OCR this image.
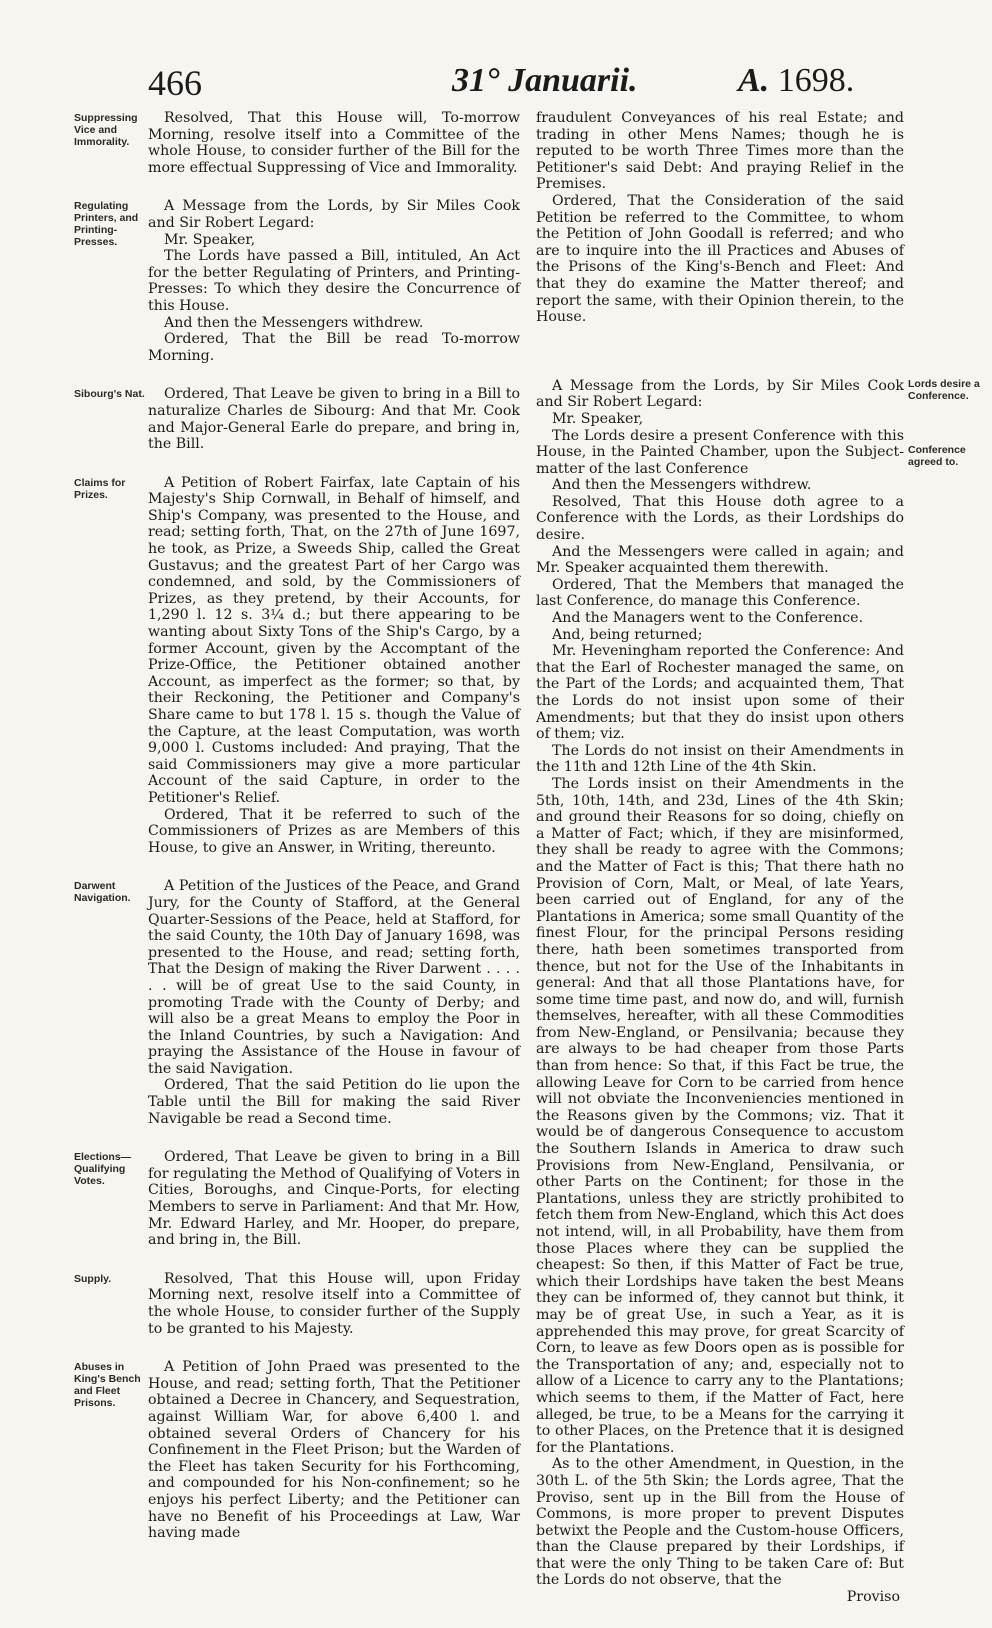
466	31° Januarii.	A. 1698.
Suppressing Vice and Immorality.

Resolved, That this House will, To-morrow Morning, resolve itself into a Committee of the whole House, to consider further of the Bill for the more effectual Suppressing of Vice and Immorality.

Regulating Printers, and Printing-Presses.

A Message from the Lords, by Sir Miles Cook and Sir Robert Legard:

Mr. Speaker,

The Lords have passed a Bill, intituled, An Act for the better Regulating of Printers, and Printing-Presses: To which they desire the Concurrence of this House.

And then the Messengers withdrew.

Ordered, That the Bill be read To-morrow Morning.

Sibourg's Nat.	Ordered, That Leave be given to bring in a Bill to naturalize Charles de Sibourg: And that Mr. Cook and Major-General Earle do prepare, and bring in, the Bill.

Claims for Prizes.

A Petition of Robert Fairfax, late Captain of his Majesty's Ship Cornwall, in Behalf of himself, and Ship's Company, was presented to the House, and read; setting forth, That, on the 27th of June 1697, he took, as Prize, a Sweeds Ship, called the Great Gustavus; and the greatest Part of her Cargo was condemned, and sold, by the Commissioners of Prizes, as they pretend, by their Accounts, for 1,290 l. 12 s. 3¼ d.; but there appearing to be wanting about Sixty Tons of the Ship's Cargo, by a former Account, given by the Accomptant of the Prize-Office, the Petitioner obtained another Account, as imperfect as the former; so that, by their Reckoning, the Petitioner and Company's Share came to but 178 l. 15 s. though the Value of the Capture, at the least Computation, was worth 9,000 l. Customs included: And praying, That the said Commissioners may give a more particular Account of the said Capture, in order to the Petitioner's Relief.

Ordered, That it be referred to such of the Commissioners of Prizes as are Members of this House, to give an Answer, in Writing, thereunto.

Darwent Navigation.

A Petition of the Justices of the Peace, and Grand Jury, for the County of Stafford, at the General Quarter-Sessions of the Peace, held at Stafford, for the said County, the 10th Day of January 1698, was presented to the House, and read; setting forth, That the Design of making the River Darwent . . . . . . will be of great Use to the said County, in promoting Trade with the County of Derby; and will also be a great Means to employ the Poor in the Inland Countries, by such a Navigation: And praying the Assistance of the House in favour of the said Navigation.

Ordered, That the said Petition do lie upon the Table until the Bill for making the said River Navigable be read a Second time.

Elections—Qualifying Votes.

Ordered, That Leave be given to bring in a Bill for regulating the Method of Qualifying of Voters in Cities, Boroughs, and Cinque-Ports, for electing Members to serve in Parliament: And that Mr. How, Mr. Edward Harley, and Mr. Hooper, do prepare, and bring in, the Bill.

Supply.	Resolved, That this House will, upon Friday Morning next, resolve itself into a Committee of the whole House, to consider further of the Supply to be granted to his Majesty.

Abuses in King's Bench and Fleet Prisons.

A Petition of John Praed was presented to the House, and read; setting forth, That the Petitioner obtained a Decree in Chancery, and Sequestration, against William War, for above 6,400 l. and obtained several Orders of Chancery for his Confinement in the Fleet Prison; but the Warden of the Fleet has taken Security for his Forthcoming, and compounded for his Non-confinement; so he enjoys his perfect Liberty; and the Petitioner can have no Benefit of his Proceedings at Law, War having made

fraudulent Conveyances of his real Estate; and trading in other Mens Names; though he is reputed to be worth Three Times more than the Petitioner's said Debt: And praying Relief in the Premises.

Ordered, That the Consideration of the said Petition be referred to the Committee, to whom the Petition of John Goodall is referred; and who are to inquire into the ill Practices and Abuses of the Prisons of the King's-Bench and Fleet: And that they do examine the Matter thereof; and report the same, with their Opinion therein, to the House.

Lords desire a Conference.
Conference agreed to.

A Message from the Lords, by Sir Miles Cook and Sir Robert Legard:

Mr. Speaker,

The Lords desire a present Conference with this House, in the Painted Chamber, upon the Subject-matter of the last Conference

And then the Messengers withdrew.

Resolved, That this House doth agree to a Conference with the Lords, as their Lordships do desire.

And the Messengers were called in again; and Mr. Speaker acquainted them therewith.

Ordered, That the Members that managed the last Conference, do manage this Conference.

And the Managers went to the Conference.

And, being returned;

Mr. Heveningham reported the Conference: And that the Earl of Rochester managed the same, on the Part of the Lords; and acquainted them, That the Lords do not insist upon some of their Amendments; but that they do insist upon others of them; viz.

The Lords do not insist on their Amendments in the 11th and 12th Line of the 4th Skin.

The Lords insist on their Amendments in the 5th, 10th, 14th, and 23d, Lines of the 4th Skin; and ground their Reasons for so doing, chiefly on a Matter of Fact; which, if they are misinformed, they shall be ready to agree with the Commons; and the Matter of Fact is this; That there hath no Provision of Corn, Malt, or Meal, of late Years, been carried out of England, for any of the Plantations in America; some small Quantity of the finest Flour, for the principal Persons residing there, hath been sometimes transported from thence, but not for the Use of the Inhabitants in general: And that all those Plantations have, for some time time past, and now do, and will, furnish themselves, hereafter, with all these Commodities from New-England, or Pensilvania; because they are always to be had cheaper from those Parts than from hence: So that, if this Fact be true, the allowing Leave for Corn to be carried from hence will not obviate the Inconveniencies mentioned in the Reasons given by the Commons; viz. That it would be of dangerous Consequence to accustom the Southern Islands in America to draw such Provisions from New-England, Pensilvania, or other Parts on the Continent; for those in the Plantations, unless they are strictly prohibited to fetch them from New-England, which this Act does not intend, will, in all Probability, have them from those Places where they can be supplied the cheapest: So then, if this Matter of Fact be true, which their Lordships have taken the best Means they can be informed of, they cannot but think, it may be of great Use, in such a Year, as it is apprehended this may prove, for great Scarcity of Corn, to leave as few Doors open as is possible for the Transportation of any; and, especially not to allow of a Licence to carry any to the Plantations; which seems to them, if the Matter of Fact, here alleged, be true, to be a Means for the carrying it to other Places, on the Pretence that it is designed for the Plantations.

As to the other Amendment, in Question, in the 30th L. of the 5th Skin; the Lords agree, That the Proviso, sent up in the Bill from the House of Commons, is more proper to prevent Disputes betwixt the People and the Custom-house Officers, than the Clause prepared by their Lordships, if that were the only Thing to be taken Care of: But the Lords do not observe, that the

Proviso
